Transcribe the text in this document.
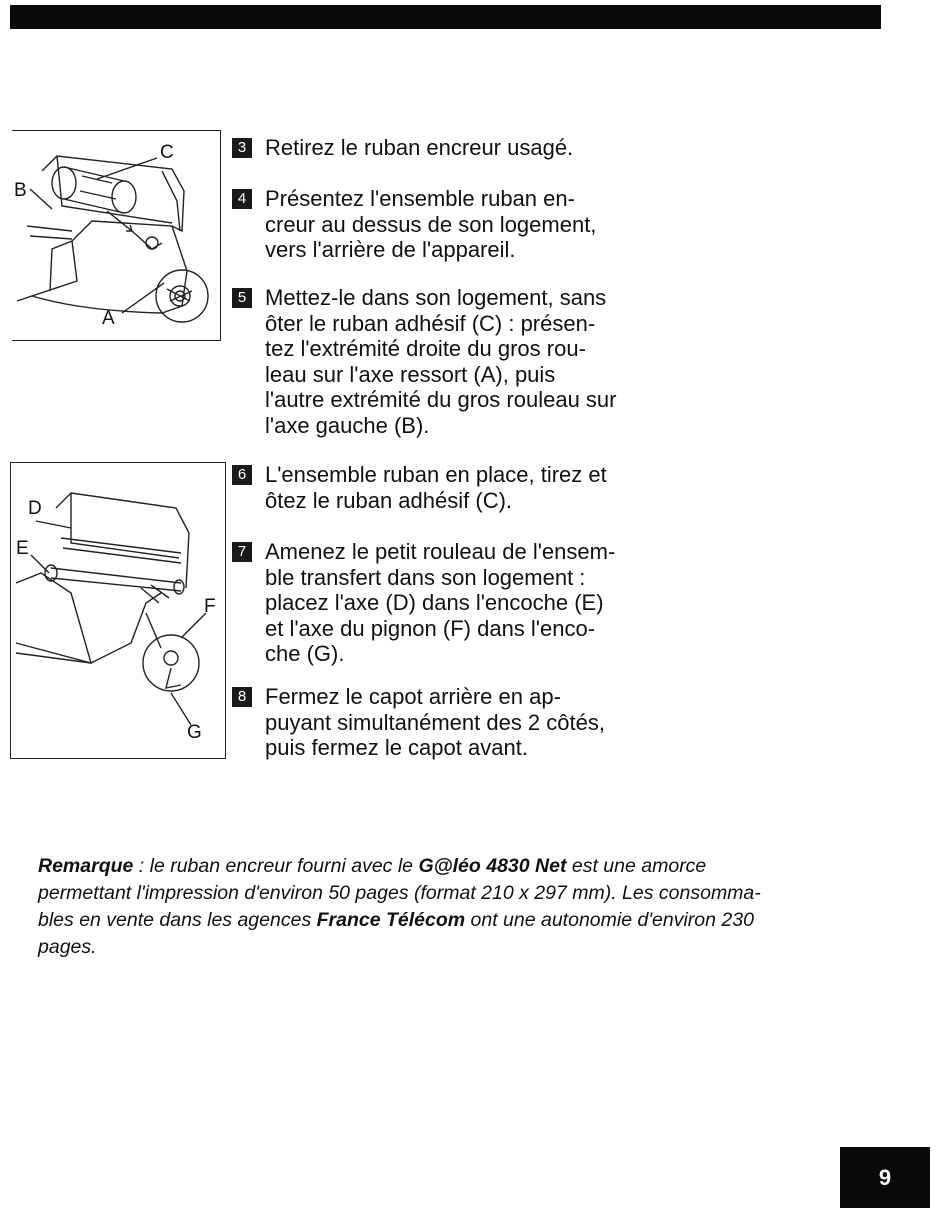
C
B
A
D
E
F
G
3 Retirez le ruban encreur usagé.
4 Présentez l'ensemble ruban en-
creur au dessus de son logement,
vers l'arrière de l'appareil.
5 Mettez-le dans son logement, sans
ôter le ruban adhésif (C) : présen-
tez l'extrémité droite du gros rou-
leau sur l'axe ressort (A), puis
l'autre extrémité du gros rouleau sur
l'axe gauche (B).
6 L'ensemble ruban en place, tirez et
ôtez le ruban adhésif (C).
7 Amenez le petit rouleau de l'ensem-
ble transfert dans son logement :
placez l'axe (D) dans l'encoche (E)
et l'axe du pignon (F) dans l'enco-
che (G).
8 Fermez le capot arrière en ap-
puyant simultanément des 2 côtés,
puis fermez le capot avant.
Remarque : le ruban encreur fourni avec le G@léo 4830 Net est une amorce
permettant l'impression d'environ 50 pages (format 210 x 297 mm). Les consomma-
bles en vente dans les agences France Télécom ont une autonomie d'environ 230
pages.
9
